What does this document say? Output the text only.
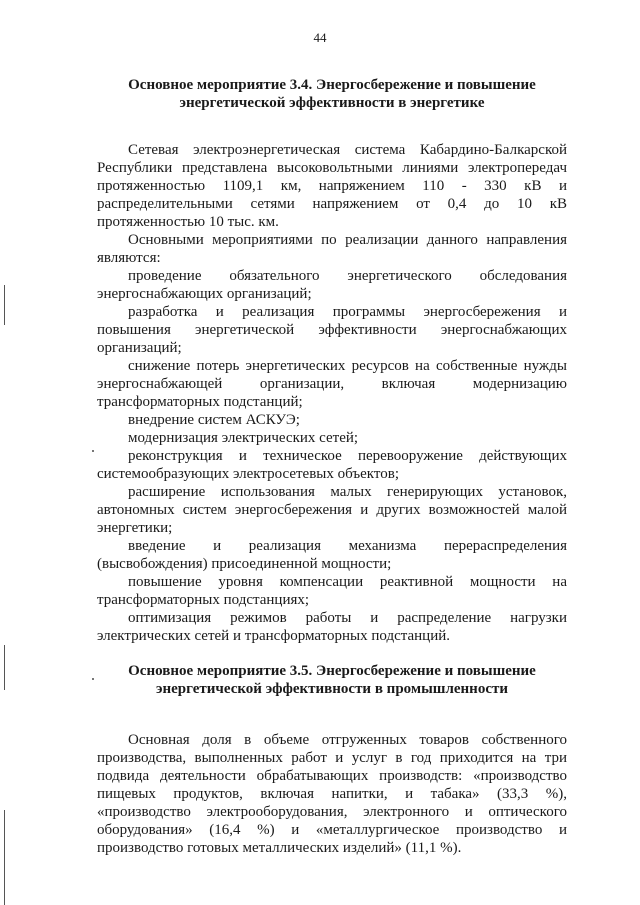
44
Основное мероприятие 3.4. Энергосбережение и повышение
энергетической эффективности в энергетике

Сетевая электроэнергетическая система Кабардино-Балкарской Республики представлена высоковольтными линиями электропередач протяженностью 1109,1 км, напряжением 110 - 330 кВ и распределительными сетями напряжением от 0,4 до 10 кВ протяженностью 10 тыс. км.

Основными мероприятиями по реализации данного направления являются:

проведение обязательного энергетического обследования энергоснабжающих организаций;

разработка и реализация программы энергосбережения и повышения энергетической эффективности энергоснабжающих организаций;

снижение потерь энергетических ресурсов на собственные нужды энергоснабжающей организации, включая модернизацию трансформаторных подстанций;

внедрение систем АСКУЭ;

модернизация электрических сетей;

реконструкция и техническое перевооружение действующих системообразующих электросетевых объектов;

расширение использования малых генерирующих установок, автономных систем энергосбережения и других возможностей малой энергетики;

введение и реализация механизма перераспределения (высвобождения) присоединенной мощности;

повышение уровня компенсации реактивной мощности на трансформаторных подстанциях;

оптимизация режимов работы и распределение нагрузки электрических сетей и трансформаторных подстанций.

Основное мероприятие 3.5. Энергосбережение и повышение
энергетической эффективности в промышленности

Основная доля в объеме отгруженных товаров собственного производства, выполненных работ и услуг в год приходится на три подвида деятельности обрабатывающих производств: «производство пищевых продуктов, включая напитки, и табака» (33,3 %), «производство электрооборудования, электронного и оптического оборудования» (16,4 %) и «металлургическое производство и производство готовых металлических изделий» (11,1 %).
